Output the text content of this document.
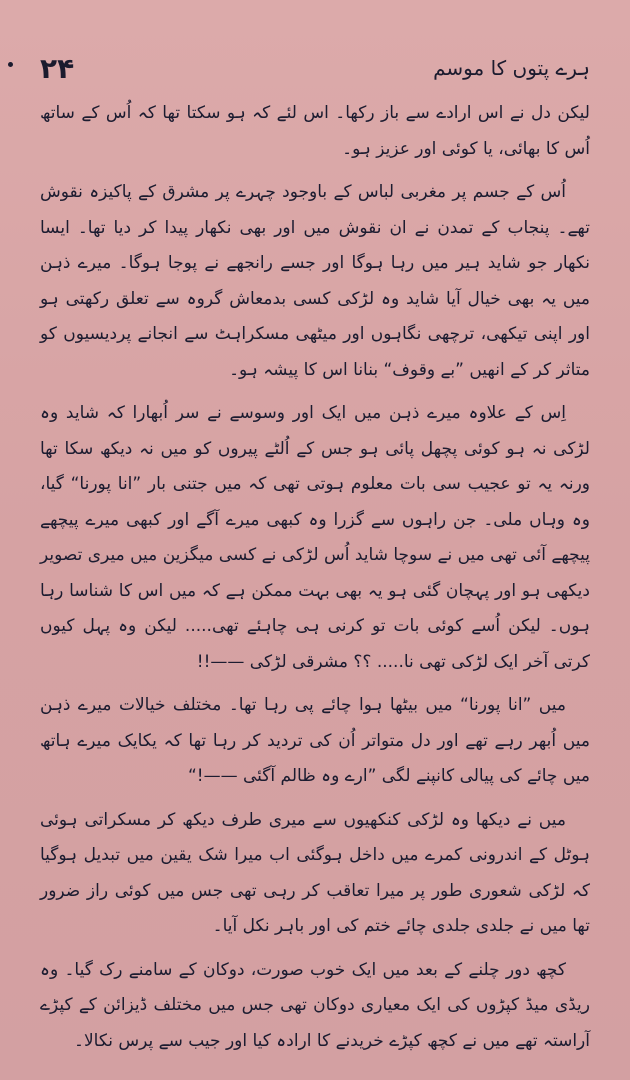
۲۴	ہرے پتوں کا موسم

لیکن دل نے اس ارادے سے باز رکھا۔ اس لئے کہ ہو سکتا تھا کہ اُس کے ساتھ اُس کا بھائی، یا کوئی اور عزیز ہو۔

اُس کے جسم پر مغربی لباس کے باوجود چہرے پر مشرق کے پاکیزہ نقوش تھے۔ پنجاب کے تمدن نے ان نقوش میں اور بھی نکھار پیدا کر دیا تھا۔ ایسا نکھار جو شاید ہیر میں رہا ہوگا اور جسے رانجھے نے پوجا ہوگا۔ میرے ذہن میں یہ بھی خیال آیا شاید وہ لڑکی کسی بدمعاش گروہ سے تعلق رکھتی ہو اور اپنی تیکھی، ترچھی نگاہوں اور میٹھی مسکراہٹ سے انجانے پردیسیوں کو متاثر کر کے انھیں ”بے وقوف“ بنانا اس کا پیشہ ہو۔

اِس کے علاوہ میرے ذہن میں ایک اور وسوسے نے سر اُبھارا کہ شاید وہ لڑکی نہ ہو کوئی پچھل پائی ہو جس کے اُلٹے پیروں کو میں نہ دیکھ سکا تھا ورنہ یہ تو عجیب سی بات معلوم ہوتی تھی کہ میں جتنی بار ”انا پورنا“ گیا، وہ وہاں ملی۔ جن راہوں سے گزرا وہ کبھی میرے آگے اور کبھی میرے پیچھے پیچھے آئی تھی میں نے سوچا شاید اُس لڑکی نے کسی میگزین میں میری تصویر دیکھی ہو اور پہچان گئی ہو یہ بھی بہت ممکن ہے کہ میں اس کا شناسا رہا ہوں۔ لیکن اُسے کوئی بات تو کرنی ہی چاہئے تھی..... لیکن وہ پہل کیوں کرتی آخر ایک لڑکی تھی نا..... ؟؟ مشرقی لڑکی ——!!

میں ”انا پورنا“ میں بیٹھا ہوا چائے پی رہا تھا۔ مختلف خیالات میرے ذہن میں اُبھر رہے تھے اور دل متواتر اُن کی تردید کر رہا تھا کہ یکایک میرے ہاتھ میں چائے کی پیالی کانپنے لگی ”ارے وہ ظالم آگئی ——!“

میں نے دیکھا وہ لڑکی کنکھیوں سے میری طرف دیکھ کر مسکراتی ہوئی ہوٹل کے اندرونی کمرے میں داخل ہوگئی اب میرا شک یقین میں تبدیل ہوگیا کہ لڑکی شعوری طور پر میرا تعاقب کر رہی تھی جس میں کوئی راز ضرور تھا میں نے جلدی جلدی چائے ختم کی اور باہر نکل آیا۔

کچھ دور چلنے کے بعد میں ایک خوب صورت، دوکان کے سامنے رک گیا۔ وہ ریڈی میڈ کپڑوں کی ایک معیاری دوکان تھی جس میں مختلف ڈیزائن کے کپڑے آراستہ تھے میں نے کچھ کپڑے خریدنے کا ارادہ کیا اور جیب سے پرس نکالا۔
